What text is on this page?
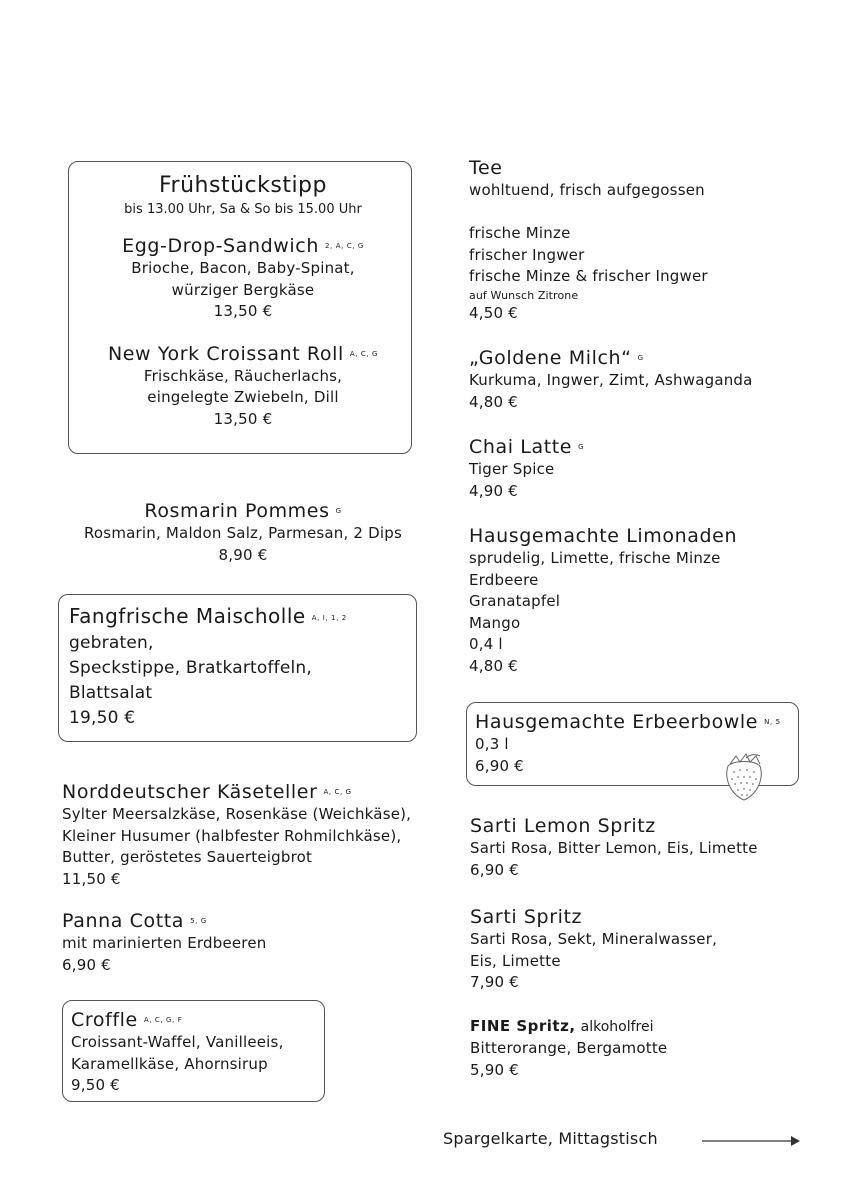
Frühstückstipp
bis 13.00 Uhr, Sa & So bis 15.00 Uhr
Egg-Drop-Sandwich 2, A, C, G
Brioche, Bacon, Baby-Spinat,
würziger Bergkäse
13,50 €
New York Croissant Roll A, C, G
Frischkäse, Räucherlachs,
eingelegte Zwiebeln, Dill
13,50 €
Rosmarin Pommes G
Rosmarin, Maldon Salz, Parmesan, 2 Dips
8,90 €
Fangfrische Maischolle A, I, 1, 2
gebraten,
Speckstippe, Bratkartoffeln,
Blattsalat
19,50 €
Norddeutscher Käseteller A, C, G
Sylter Meersalzkäse, Rosenkäse (Weichkäse),
Kleiner Husumer (halbfester Rohmilchkäse),
Butter, geröstetes Sauerteigbrot
11,50 €
Panna Cotta 5, G
mit marinierten Erdbeeren
6,90 €
Croffle A, C, G, F
Croissant-Waffel, Vanilleeis,
Karamellkäse, Ahornsirup
9,50 €
Tee
wohltuend, frisch aufgegossen
frische Minze
frischer Ingwer
frische Minze & frischer Ingwer
auf Wunsch Zitrone
4,50 €
„Goldene Milch“ G
Kurkuma, Ingwer, Zimt, Ashwaganda
4,80 €
Chai Latte G
Tiger Spice
4,90 €
Hausgemachte Limonaden
sprudelig, Limette, frische Minze
Erdbeere
Granatapfel
Mango
0,4 l
4,80 €
Hausgemachte Erbeerbowle N, 5
0,3 l
6,90 €
Sarti Lemon Spritz
Sarti Rosa, Bitter Lemon, Eis, Limette
6,90 €
Sarti Spritz
Sarti Rosa, Sekt, Mineralwasser,
Eis, Limette
7,90 €
FINE Spritz, alkoholfrei
Bitterorange, Bergamotte
5,90 €
Spargelkarte, Mittagstisch
